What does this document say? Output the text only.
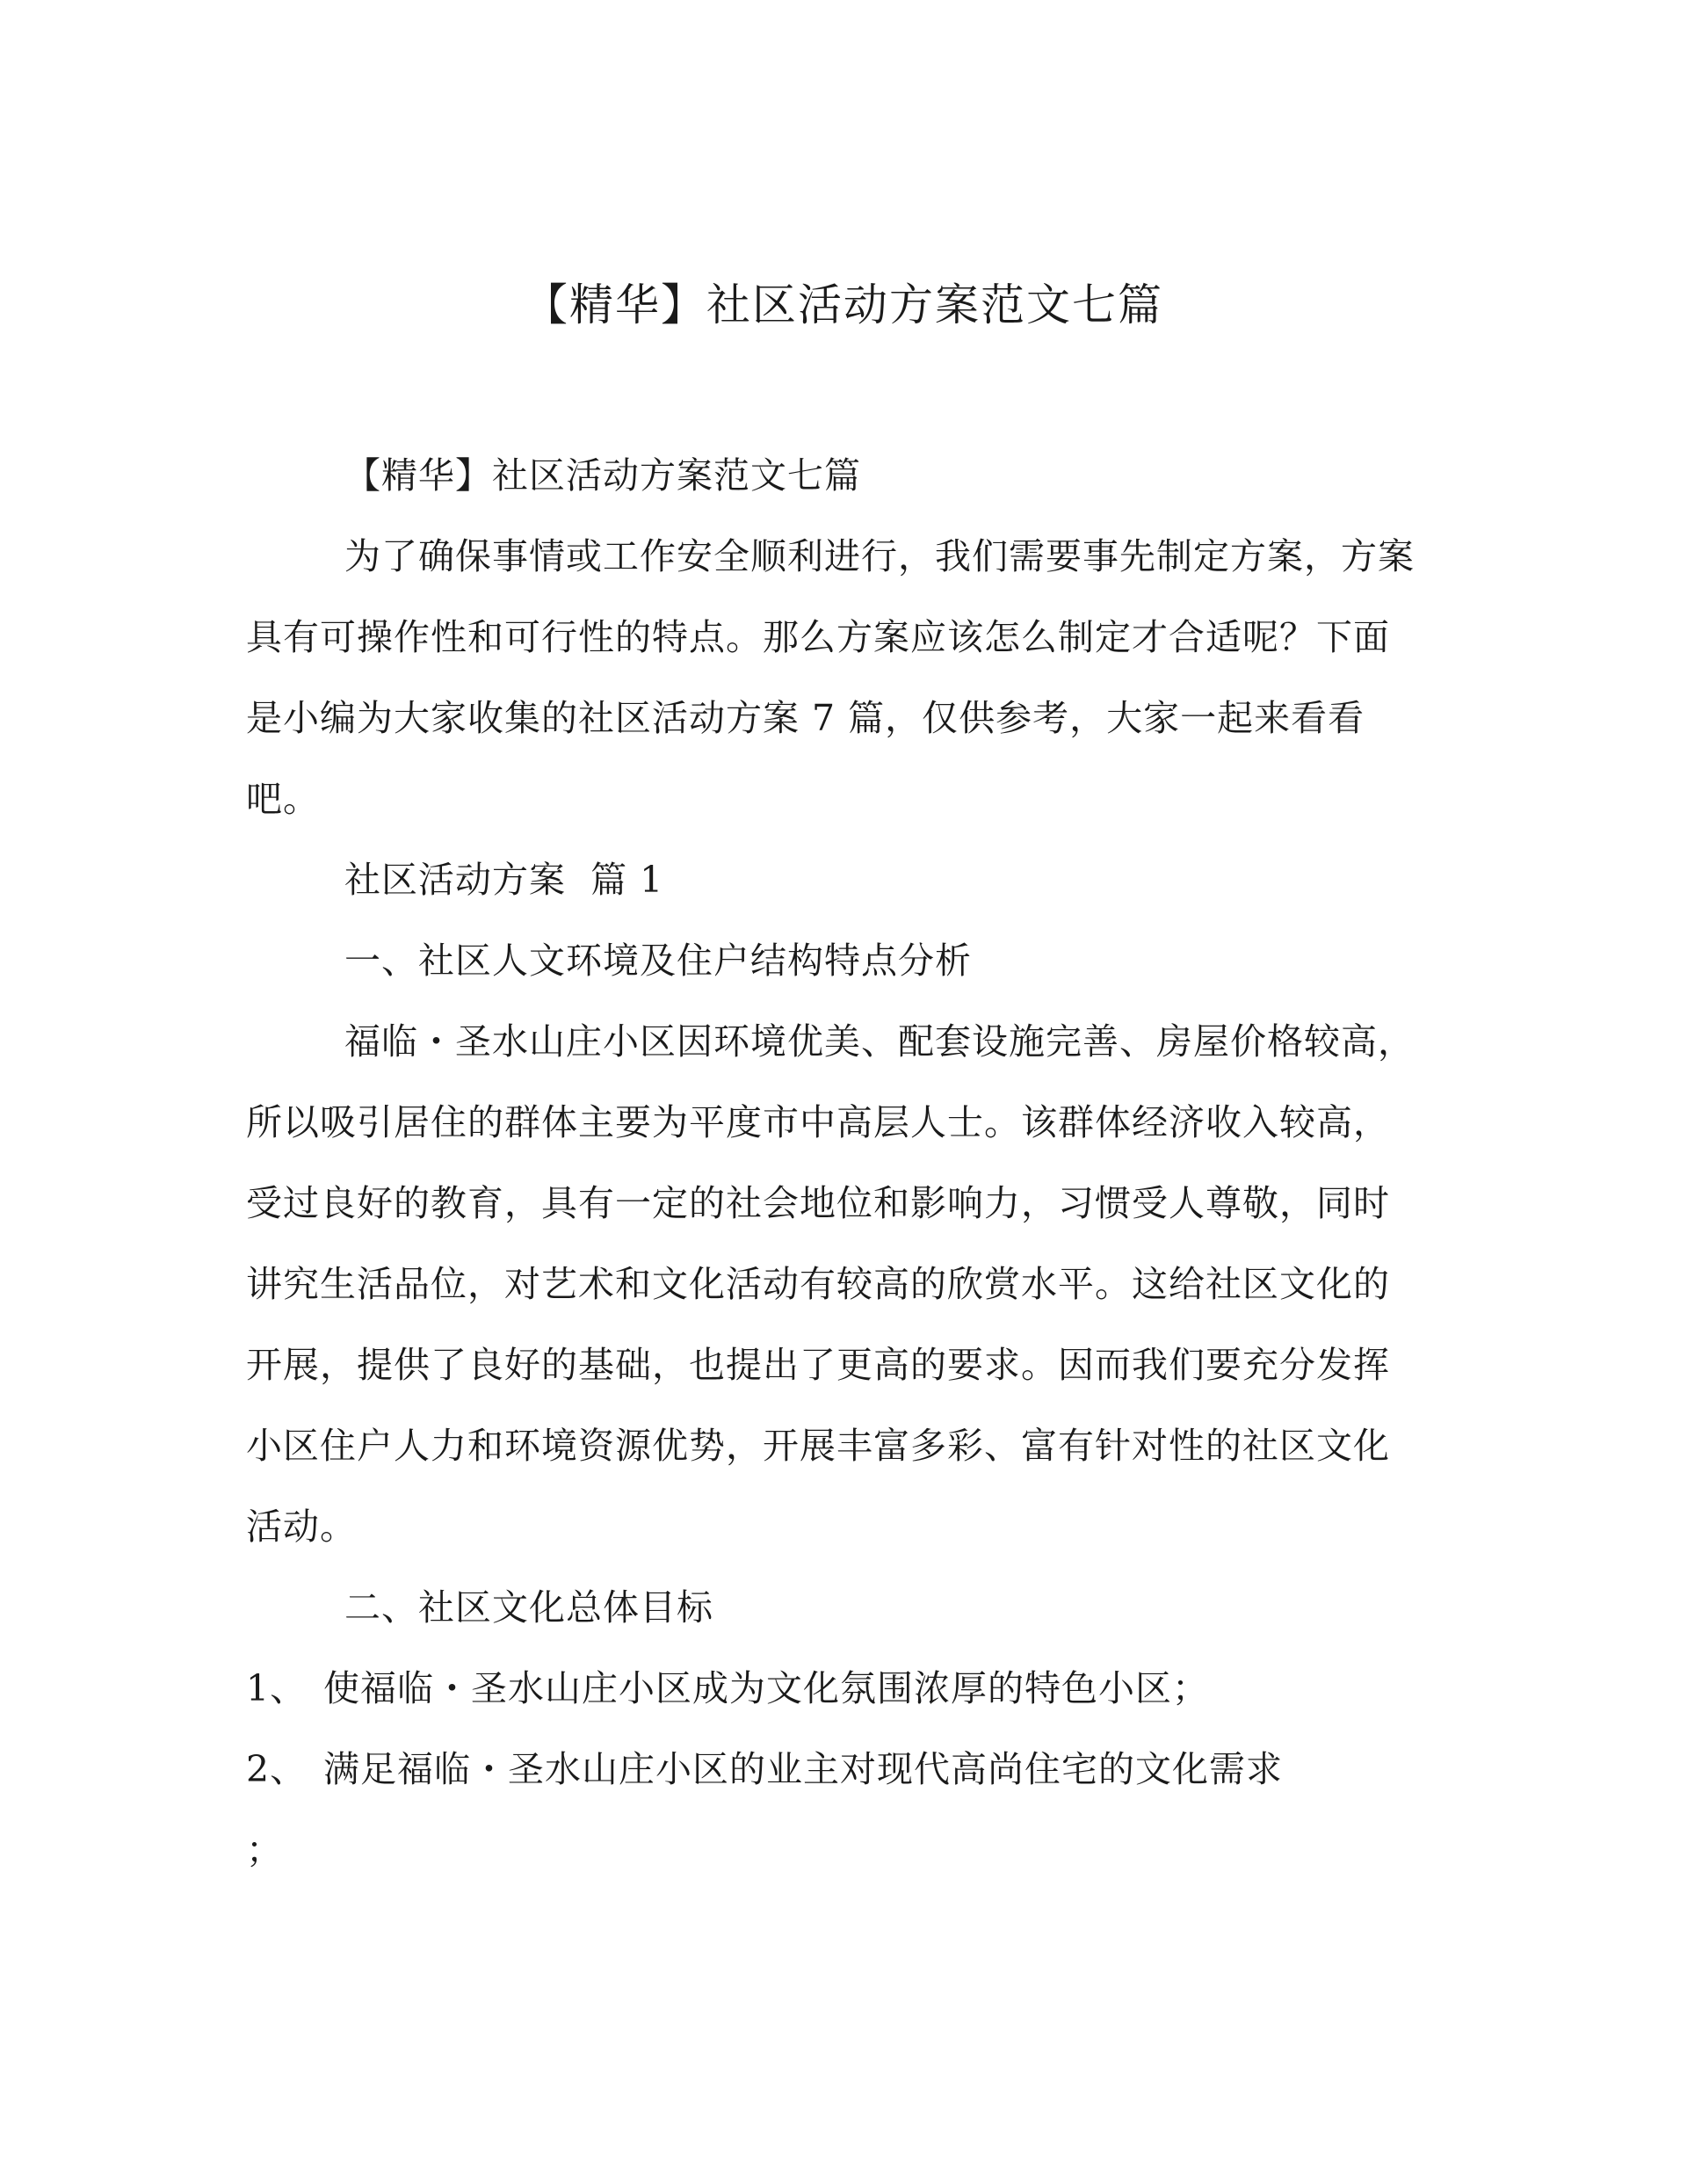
【精华】社区活动方案范文七篇

【精华】社区活动方案范文七篇

为了确保事情或工作安全顺利进行，我们需要事先制定方案，方案具有可操作性和可行性的特点。那么方案应该怎么制定才合适呢？下面是小编为大家收集的社区活动方案 7 篇，仅供参考，大家一起来看看吧。

社区活动方案  篇 1

一、社区人文环境及住户结构特点分析

福临・圣水山庄小区因环境优美、配套设施完善、房屋价格较高，所以吸引居住的群体主要为平度市中高层人士。该群体经济收入较高，受过良好的教育，具有一定的社会地位和影响力，习惯受人尊敬，同时讲究生活品位，对艺术和文化活动有较高的欣赏水平。这给社区文化的开展，提供了良好的基础，也提出了更高的要求。因而我们要充分发挥小区住户人力和环境资源优势，开展丰富多彩、富有针对性的社区文化活动。

二、社区文化总体目标

1、 使福临・圣水山庄小区成为文化氛围浓厚的特色小区；

2、 满足福临・圣水山庄小区的业主对现代高尚住宅的文化需求

；
